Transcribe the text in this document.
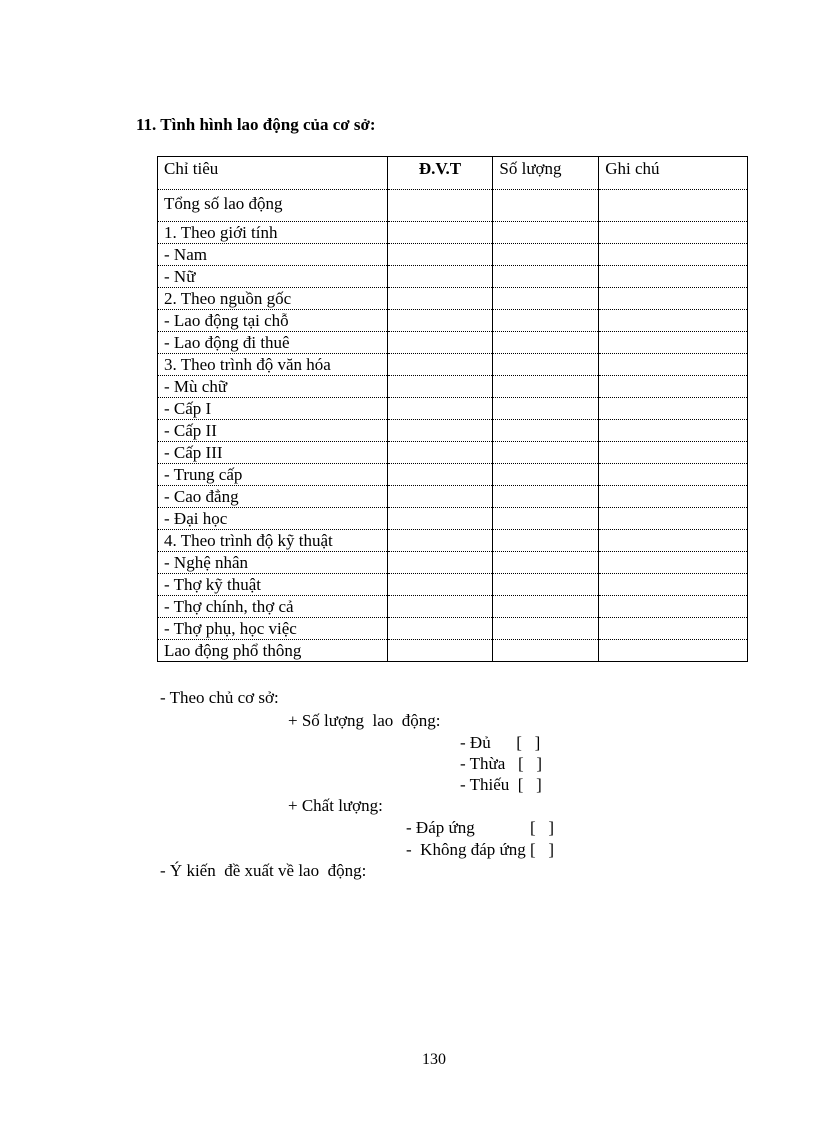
11. Tình hình lao động của cơ sở:
Chỉ tiêu	Đ.V.T	Số lượng	Ghi chú
Tổng số lao động			
1. Theo giới tính			
- Nam			
- Nữ			
2. Theo nguồn gốc			
- Lao động tại chỗ			
- Lao động đi thuê			
3. Theo trình độ văn hóa			
- Mù chữ			
- Cấp I			
- Cấp II			
- Cấp III			
- Trung cấp			
- Cao đẳng			
- Đại học			
4. Theo trình độ kỹ thuật			
- Nghệ nhân			
- Thợ kỹ thuật			
- Thợ chính, thợ cả			
- Thợ phụ, học việc			
Lao động phổ thông			
- Theo chủ cơ sở:
+ Số lượng  lao  động:
- Đủ      [   ]
- Thừa   [   ]
- Thiếu  [   ]
+ Chất lượng:
- Đáp ứng             [   ]
-  Không đáp ứng [   ]
- Ý kiến  đề xuất về lao  động:
130
